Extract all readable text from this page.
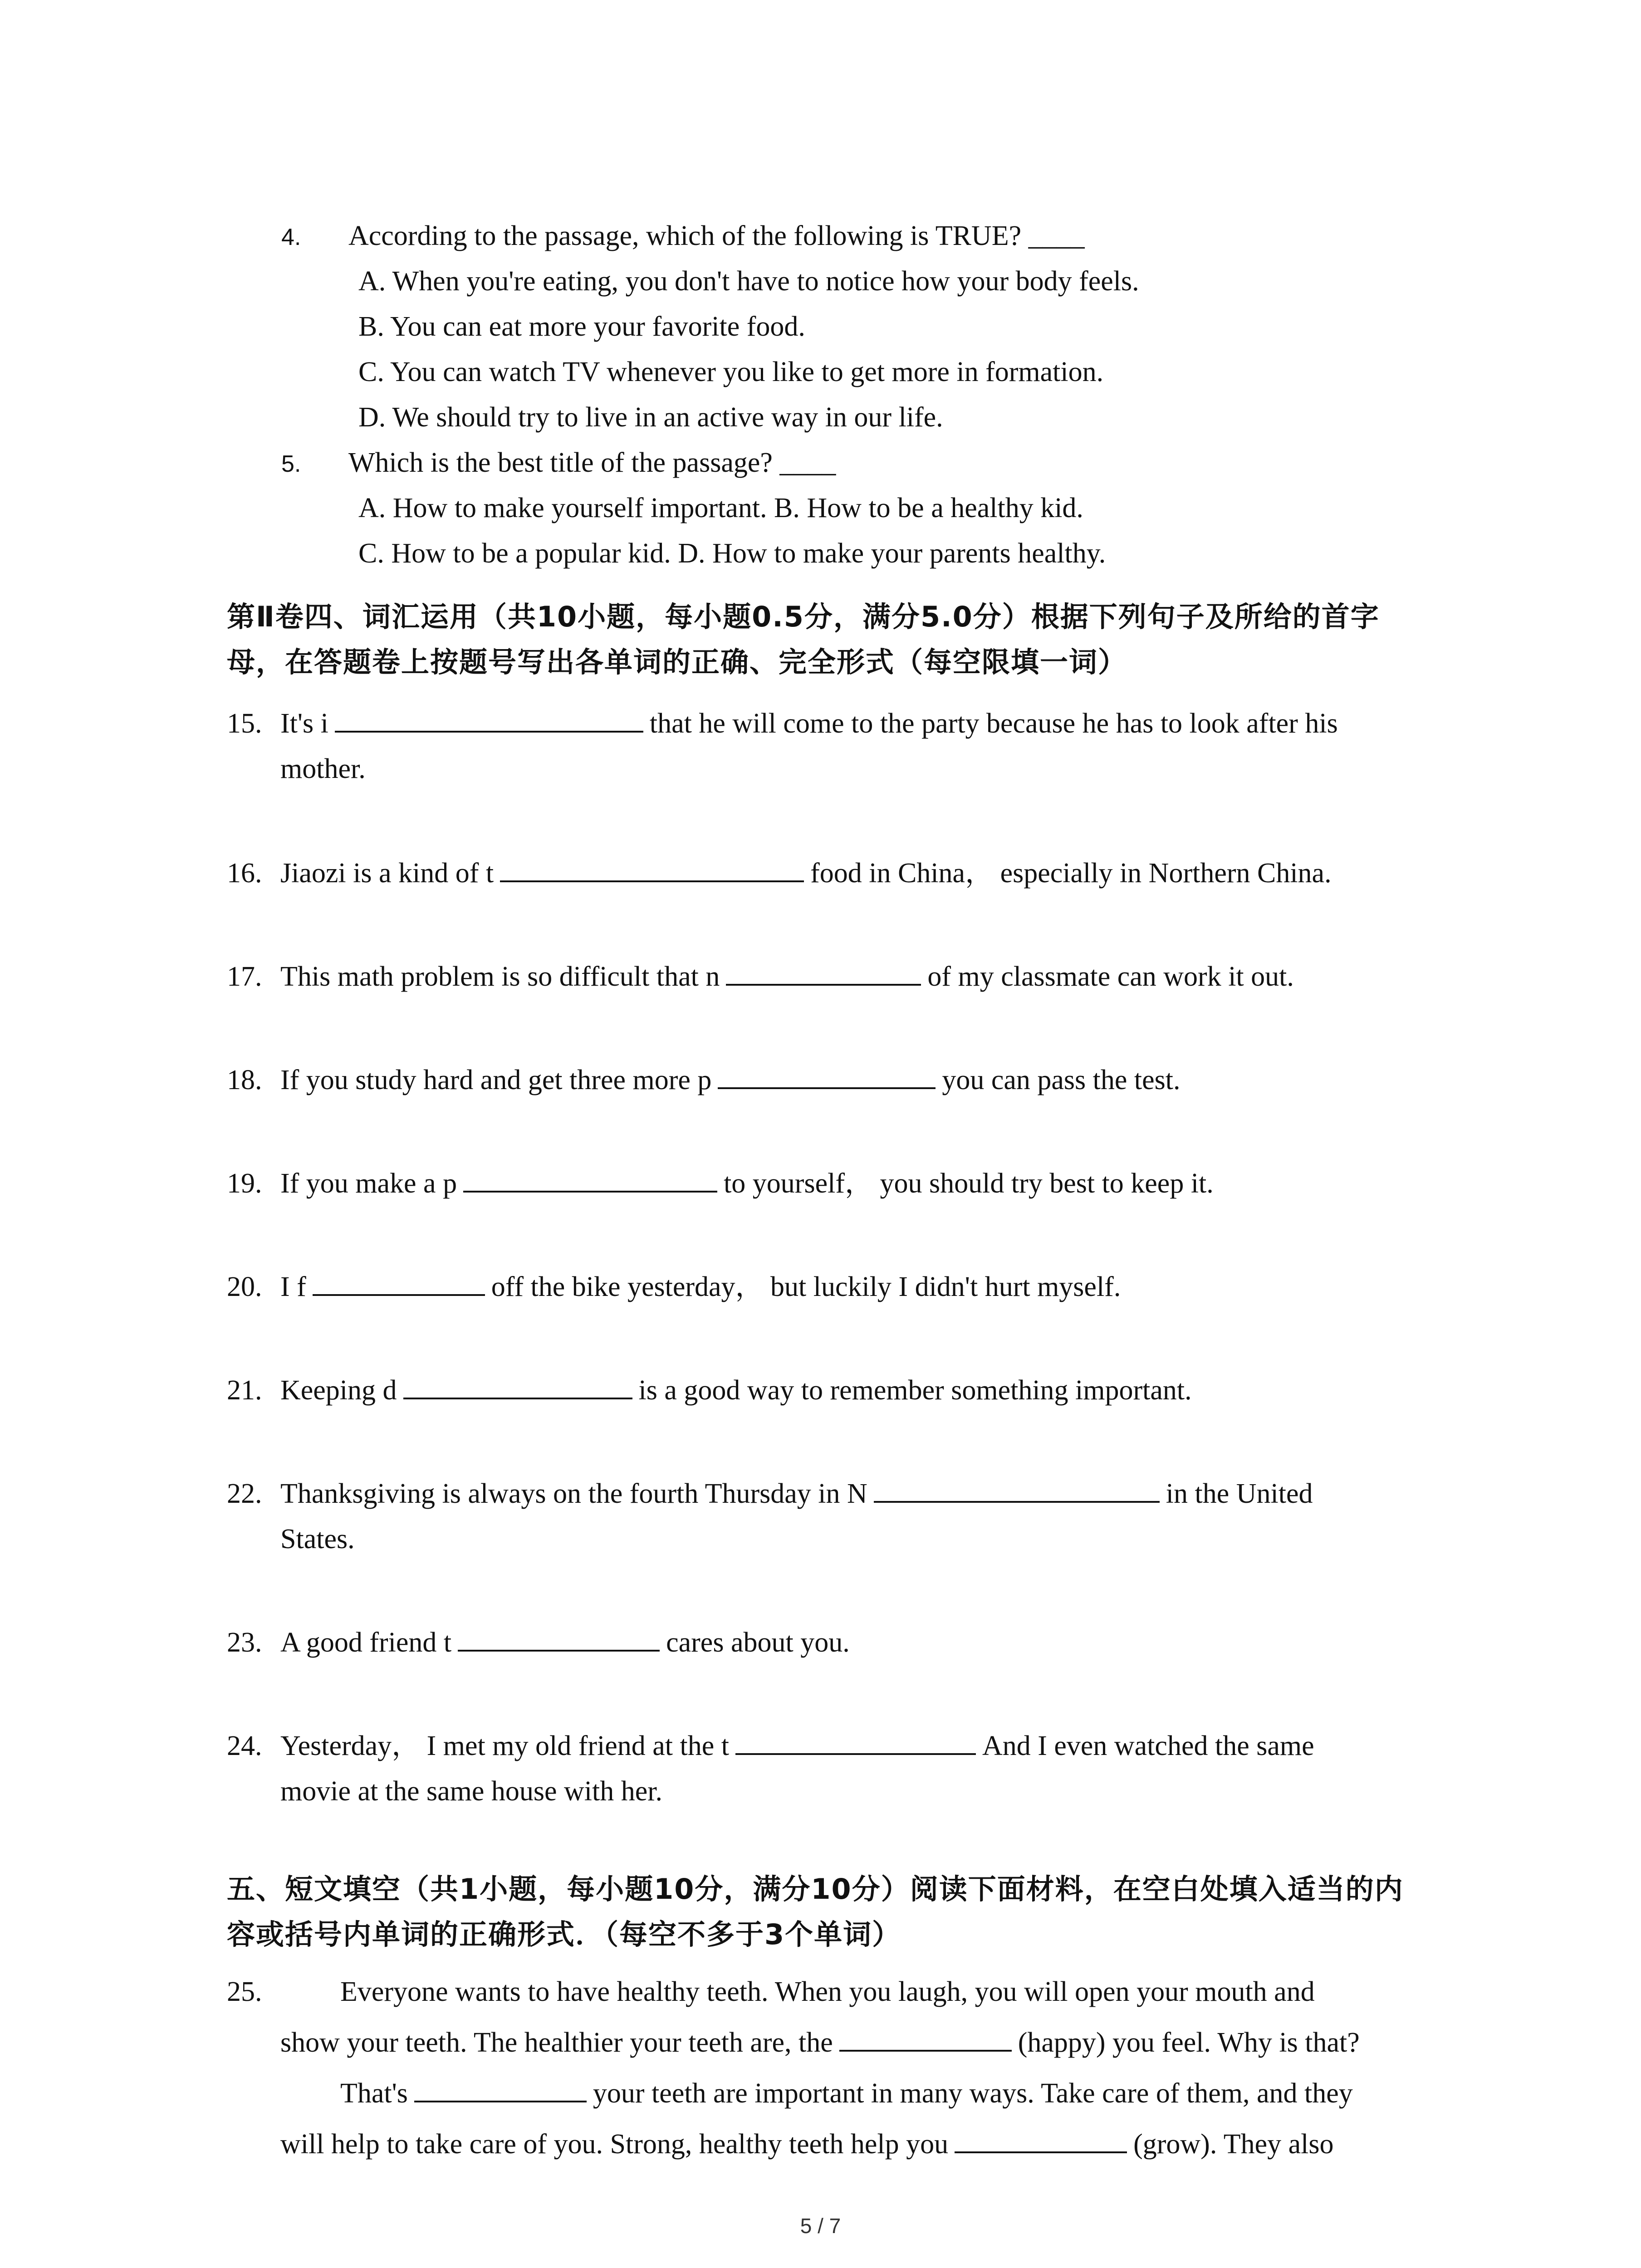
4. According to the passage, which of the following is TRUE? ____
A. When you're eating, you don't have to notice how your body feels.
B. You can eat more your favorite food.
C. You can watch TV whenever you like to get more in formation.
D. We should try to live in an active way in our life.
5. Which is the best title of the passage? ____
A. How to make yourself important. B. How to be a healthy kid.
C. How to be a popular kid. D. How to make your parents healthy.
第Ⅱ卷四、词汇运用（共10小题，每小题0.5分，满分5.0分）根据下列句子及所给的首字
母，在答题卷上按题号写出各单词的正确、完全形式（每空限填一词）
15. It's i	that he will come to the party because he has to look after his
mother.
16. Jiaozi is a kind of t	food in China， especially in Northern China.
17. This math problem is so difficult that n	of my classmate can work it out.
18. If you study hard and get three more p	you can pass the test.
19. If you make a p	to yourself， you should try best to keep it.
20. I f	off the bike yesterday， but luckily I didn't hurt myself.
21. Keeping d	is a good way to remember something important.
22. Thanksgiving is always on the fourth Thursday in N	in the United
States.
23. A good friend t	cares about you.
24. Yesterday， I met my old friend at the t	And I even watched the same
movie at the same house with her.
五、短文填空（共1小题，每小题10分，满分10分）阅读下面材料，在空白处填入适当的内
容或括号内单词的正确形式．（每空不多于3个单词）
25.	Everyone wants to have healthy teeth. When you laugh, you will open your mouth and
show your teeth. The healthier your teeth are, the	(happy) you feel. Why is that?
That's	your teeth are important in many ways. Take care of them, and they
will help to take care of you. Strong, healthy teeth help you	(grow). They also
5 / 7
